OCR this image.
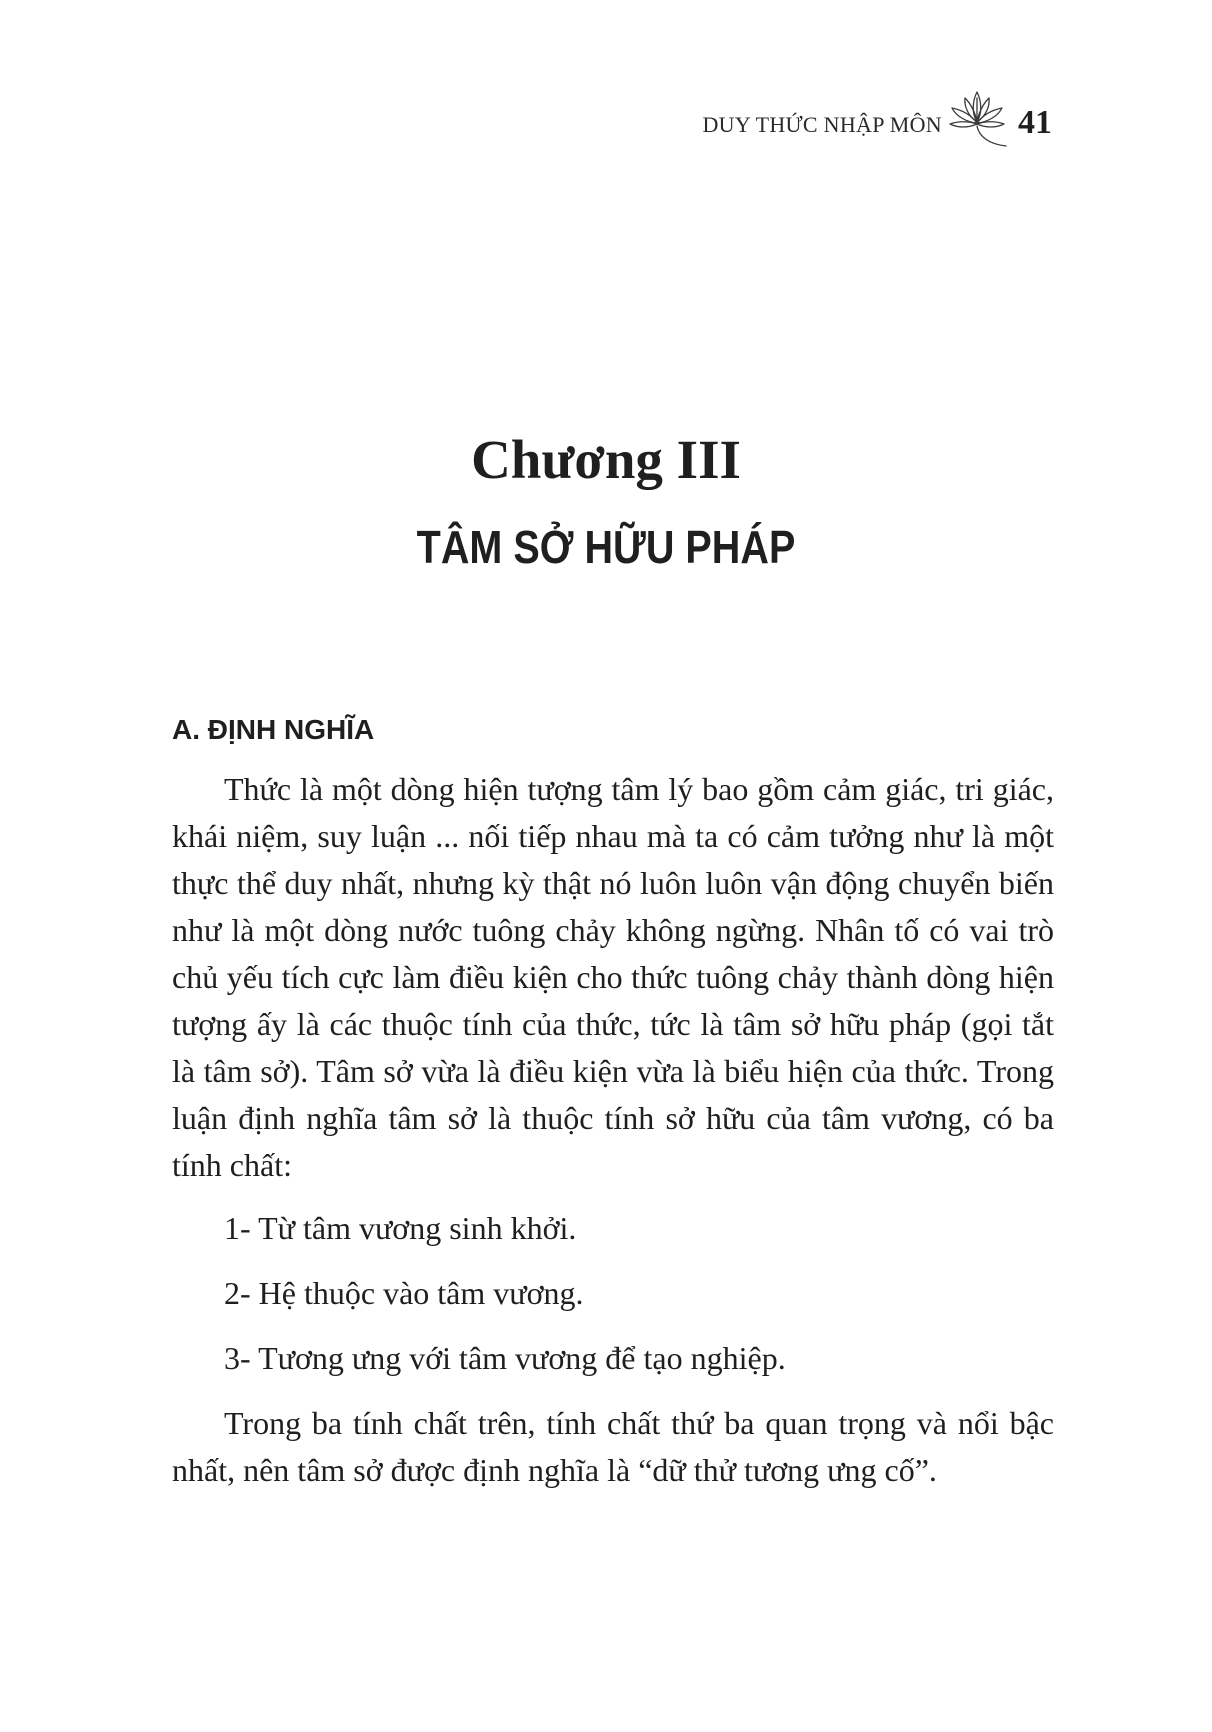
DUY THỨC NHẬP MÔN 41
Chương III
TÂM SỞ HỮU PHÁP
A. ĐỊNH NGHĨA

Thức là một dòng hiện tượng tâm lý bao gồm cảm giác, tri giác, khái niệm, suy luận ... nối tiếp nhau mà ta có cảm tưởng như là một thực thể duy nhất, nhưng kỳ thật nó luôn luôn vận động chuyển biến như là một dòng nước tuông chảy không ngừng. Nhân tố có vai trò chủ yếu tích cực làm điều kiện cho thức tuông chảy thành dòng hiện tượng ấy là các thuộc tính của thức, tức là tâm sở hữu pháp (gọi tắt là tâm sở). Tâm sở vừa là điều kiện vừa là biểu hiện của thức. Trong luận định nghĩa tâm sở là thuộc tính sở hữu của tâm vương, có ba tính chất:

1- Từ tâm vương sinh khởi.
2- Hệ thuộc vào tâm vương.
3- Tương ưng với tâm vương để tạo nghiệp.

Trong ba tính chất trên, tính chất thứ ba quan trọng và nổi bậc nhất, nên tâm sở được định nghĩa là “dữ thử tương ưng cố”.
